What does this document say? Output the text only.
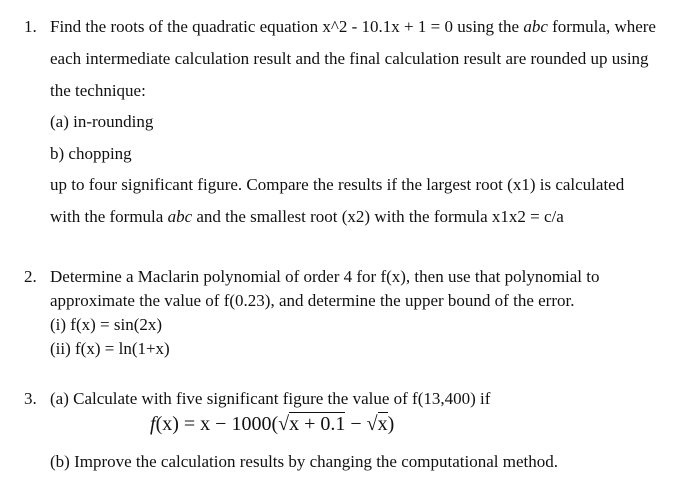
1. Find the roots of the quadratic equation x^2 - 10.1x + 1 = 0 using the abc formula, where
each intermediate calculation result and the final calculation result are rounded up using
the technique:
(a) in-rounding
b) chopping
up to four significant figure. Compare the results if the largest root (x1) is calculated
with the formula abc and the smallest root (x2) with the formula x1x2 = c/a
2. Determine a Maclarin polynomial of order 4 for f(x), then use that polynomial to
approximate the value of f(0.23), and determine the upper bound of the error.
(i) f(x) = sin(2x)
(ii) f(x) = ln(1+x)
3. (a) Calculate with five significant figure the value of f(13,400) if
f(x) = x − 1000(√x + 0.1 − √x)
(b) Improve the calculation results by changing the computational method.
